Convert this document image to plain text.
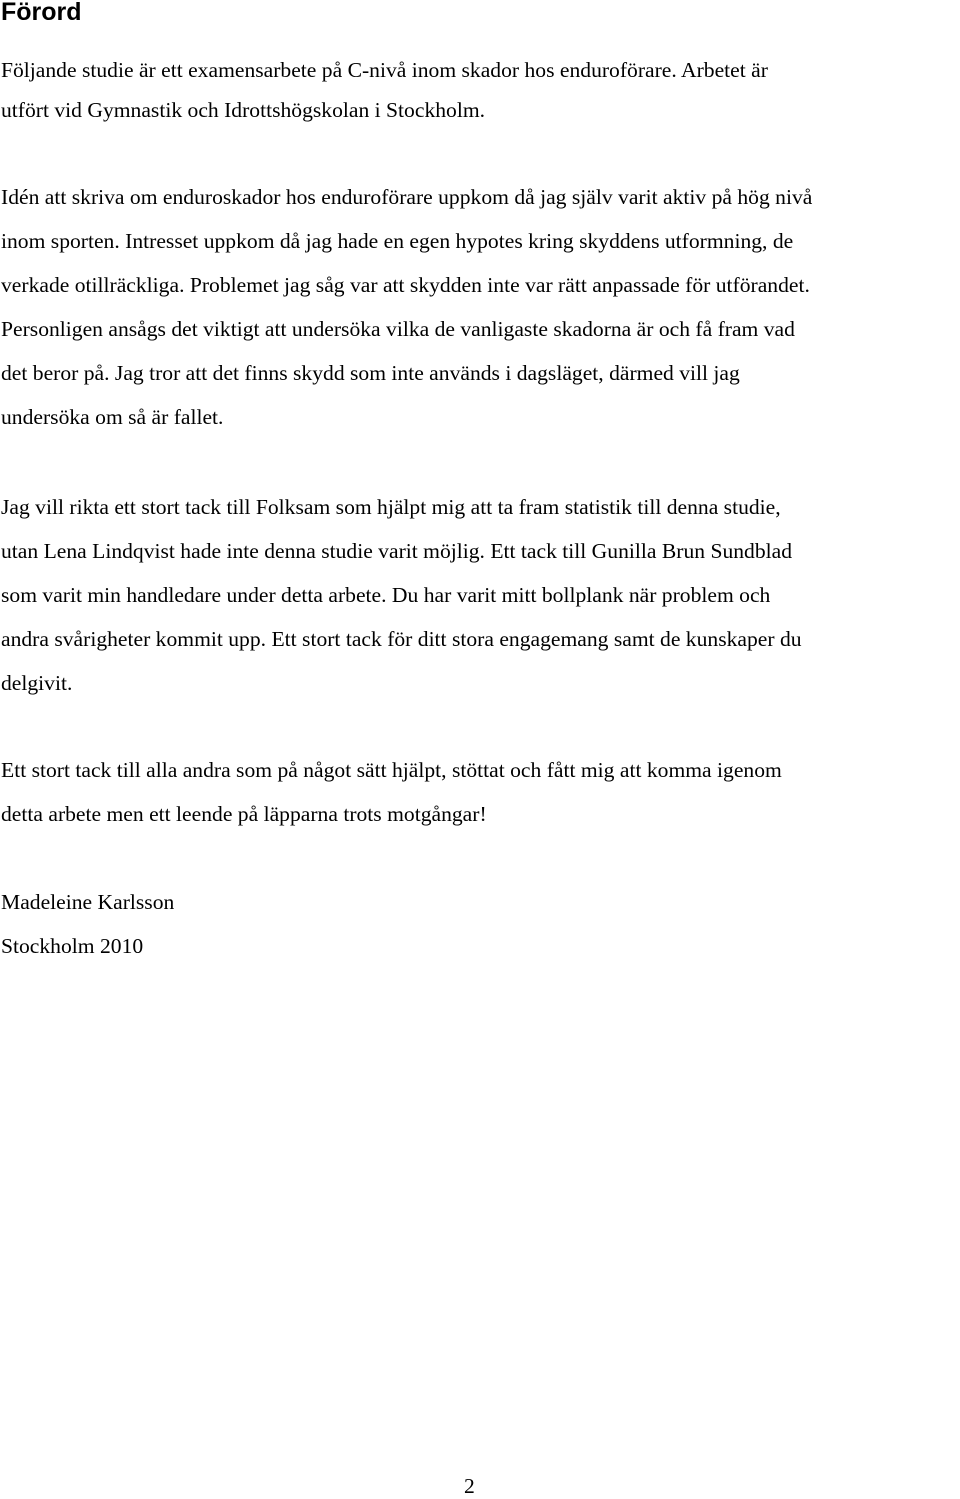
Förord

Följande studie är ett examensarbete på C-nivå inom skador hos enduroförare. Arbetet är
utfört vid Gymnastik och Idrottshögskolan i Stockholm.

Idén att skriva om enduroskador hos enduroförare uppkom då jag själv varit aktiv på hög nivå
inom sporten. Intresset uppkom då jag hade en egen hypotes kring skyddens utformning, de
verkade otillräckliga. Problemet jag såg var att skydden inte var rätt anpassade för utförandet.
Personligen ansågs det viktigt att undersöka vilka de vanligaste skadorna är och få fram vad
det beror på. Jag tror att det finns skydd som inte används i dagsläget, därmed vill jag
undersöka om så är fallet.

Jag vill rikta ett stort tack till Folksam som hjälpt mig att ta fram statistik till denna studie,
utan Lena Lindqvist hade inte denna studie varit möjlig. Ett tack till Gunilla Brun Sundblad
som varit min handledare under detta arbete. Du har varit mitt bollplank när problem och
andra svårigheter kommit upp. Ett stort tack för ditt stora engagemang samt de kunskaper du
delgivit.

Ett stort tack till alla andra som på något sätt hjälpt, stöttat och fått mig att komma igenom
detta arbete men ett leende på läpparna trots motgångar!

Madeleine Karlsson
Stockholm 2010

2
